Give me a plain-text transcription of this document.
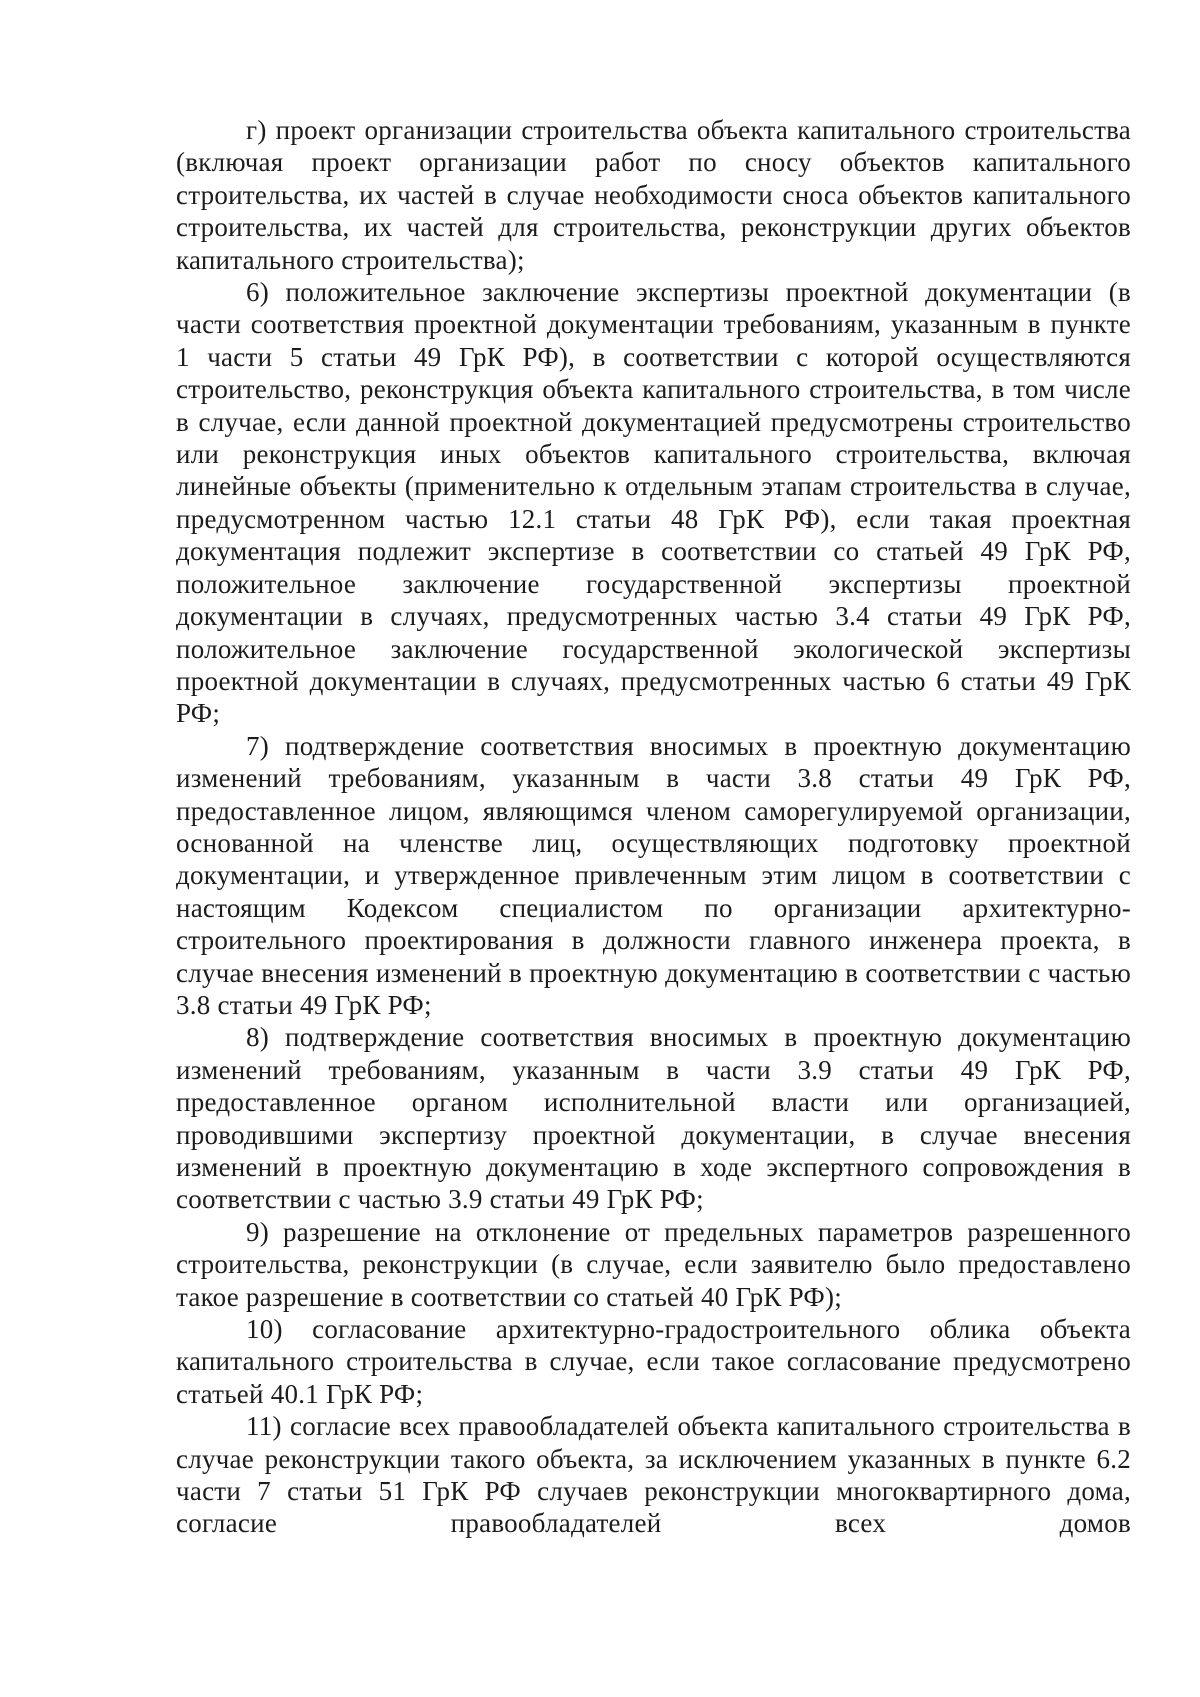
г) проект организации строительства объекта капитального строительства (включая проект организации работ по сносу объектов капитального строительства, их частей в случае необходимости сноса объектов капитального строительства, их частей для строительства, реконструкции других объектов капитального строительства);

6) положительное заключение экспертизы проектной документации (в части соответствия проектной документации требованиям, указанным в пункте 1 части 5 статьи 49 ГрК РФ), в соответствии с которой осуществляются строительство, реконструкция объекта капитального строительства, в том числе в случае, если данной проектной документацией предусмотрены строительство или реконструкция иных объектов капитального строительства, включая линейные объекты (применительно к отдельным этапам строительства в случае, предусмотренном частью 12.1 статьи 48 ГрК РФ), если такая проектная документация подлежит экспертизе в соответствии со статьей 49 ГрК РФ, положительное заключение государственной экспертизы проектной документации в случаях, предусмотренных частью 3.4 статьи 49 ГрК РФ, положительное заключение государственной экологической экспертизы проектной документации в случаях, предусмотренных частью 6 статьи 49 ГрК РФ;

7) подтверждение соответствия вносимых в проектную документацию изменений требованиям, указанным в части 3.8 статьи 49 ГрК РФ, предоставленное лицом, являющимся членом саморегулируемой организации, основанной на членстве лиц, осуществляющих подготовку проектной документации, и утвержденное привлеченным этим лицом в соответствии с настоящим Кодексом специалистом по организации архитектурно-строительного проектирования в должности главного инженера проекта, в случае внесения изменений в проектную документацию в соответствии с частью 3.8 статьи 49 ГрК РФ;

8) подтверждение соответствия вносимых в проектную документацию изменений требованиям, указанным в части 3.9 статьи 49 ГрК РФ, предоставленное органом исполнительной власти или организацией, проводившими экспертизу проектной документации, в случае внесения изменений в проектную документацию в ходе экспертного сопровождения в соответствии с частью 3.9 статьи 49 ГрК РФ;

9) разрешение на отклонение от предельных параметров разрешенного строительства, реконструкции (в случае, если заявителю было предоставлено такое разрешение в соответствии со статьей 40 ГрК РФ);

10) согласование архитектурно-градостроительного облика объекта капитального строительства в случае, если такое согласование предусмотрено статьей 40.1 ГрК РФ;

11) согласие всех правообладателей объекта капитального строительства в случае реконструкции такого объекта, за исключением указанных в пункте 6.2 части 7 статьи 51 ГрК РФ случаев реконструкции многоквартирного дома, согласие правообладателей всех домов
